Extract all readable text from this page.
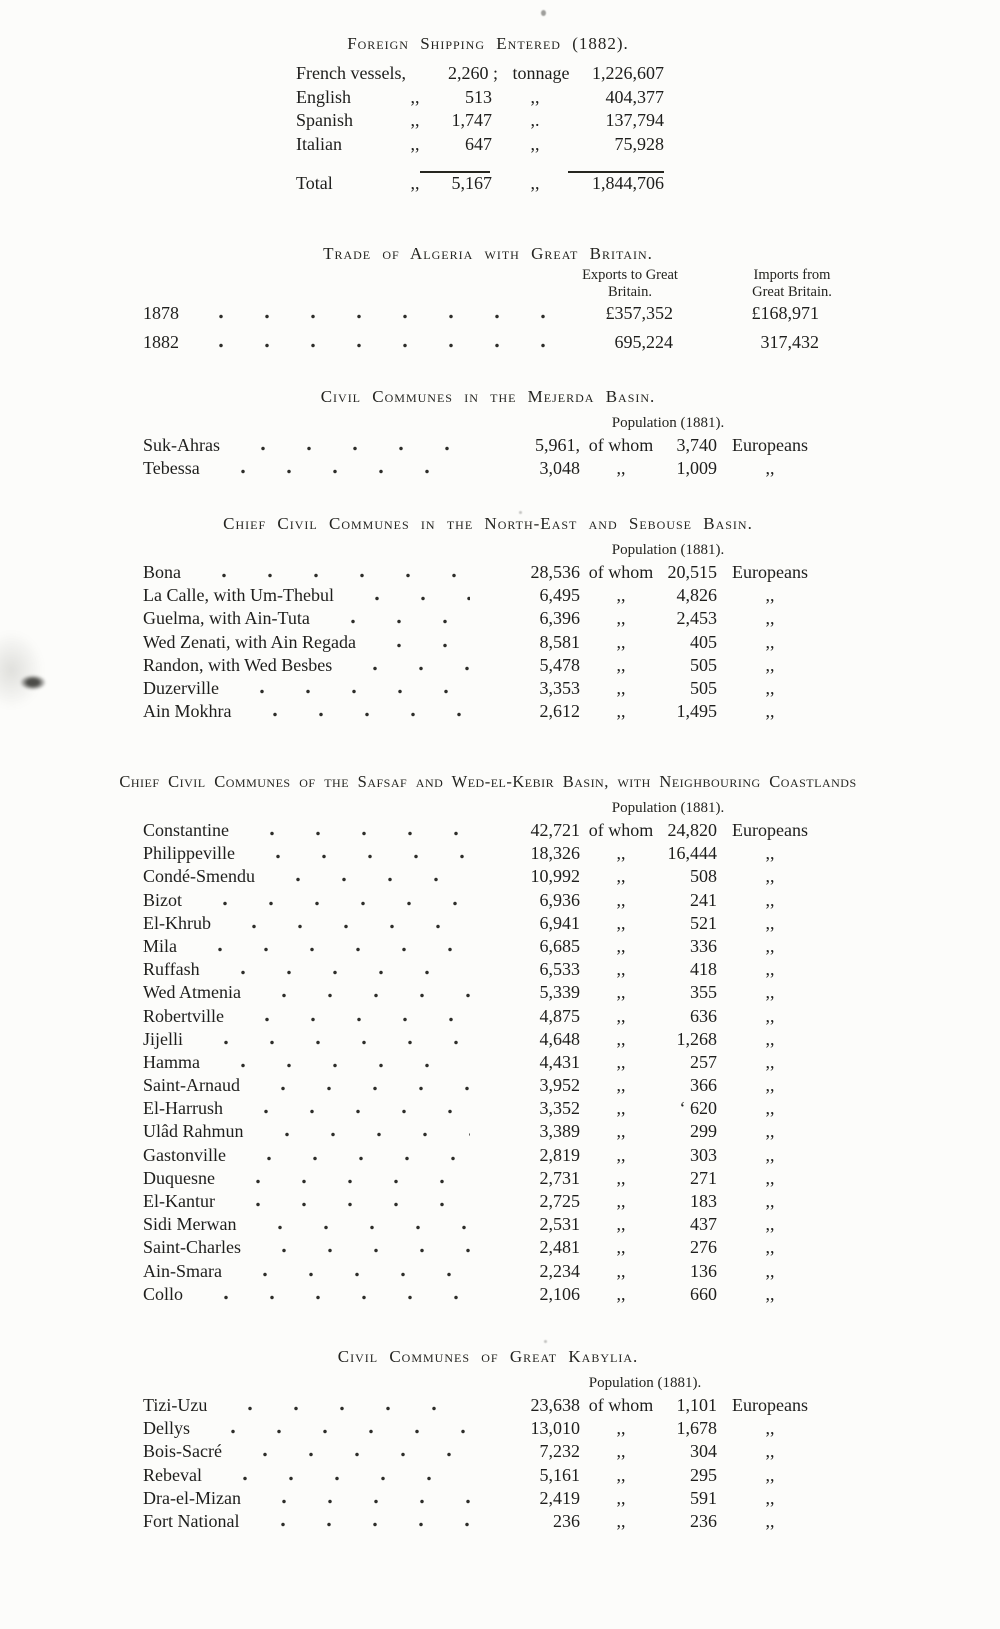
Foreign Shipping Entered (1882).
French vessels,	2,260 ; tonnage	1,226,607
English	,,	513	,,	404,377
Spanish	,,	1,747	,.	137,794
Italian	,,	647	,,	75,928
Total	,,	5,167	,,	1,844,706
Trade of Algeria with Great Britain.
Exports to Great
Britain.
Imports from
Great Britain.
1878	£357,352	£168,971
1882	695,224	317,432
Civil Communes in the Mejerda Basin.
Population (1881).
Suk-Ahras	5,961, of whom	3,740 Europeans
Tebessa	3,048	,,	1,009	,,
Chief Civil Communes in the North-East and Sebouse Basin.
Population (1881).
Bona	28,536 of whom 20,515 Europeans
La Calle, with Um-Thebul	6,495	,,	4,826	,,
Guelma, with Ain-Tuta	6,396	,,	2,453	,,
Wed Zenati, with Ain Regada	8,581	,,	405	,,
Randon, with Wed Besbes	5,478	,,	505	,,
Duzerville	3,353	,,	505	,,
Ain Mokhra	2,612	,,	1,495	,,
Chief Civil Communes of the Safsaf and Wed-el-Kebir Basin, with Neighbouring Coastlands
Population (1881).
Constantine	42,721 of whom 24,820 Europeans
Philippeville	18,326	,,	16,444	,,
Condé-Smendu	10,992	,,	508	,,
Bizot	6,936	,,	241	,,
El-Khrub	6,941	,,	521	,,
Mila	6,685	,,	336	,,
Ruffash	6,533	,,	418	,,
Wed Atmenia	5,339	,,	355	,,
Robertville	4,875	,,	636	,,
Jijelli	4,648	,,	1,268	,,
Hamma	4,431	,,	257	,,
Saint-Arnaud	3,952	,,	366	,,
El-Harrush	3,352	,,	‘ 620	,,
Ulâd Rahmun	3,389	,,	299	,,
Gastonville	2,819	,,	303	,,
Duquesne	2,731	,,	271	,,
El-Kantur	2,725	,,	183	,,
Sidi Merwan	2,531	,,	437	,,
Saint-Charles	2,481	,,	276	,,
Ain-Smara	2,234	,,	136	,,
Collo	2,106	,,	660	,,
Civil Communes of Great Kabylia.
Population (1881).
Tizi-Uzu	23,638 of whom	1,101 Europeans
Dellys	13,010	,,	1,678	,,
Bois-Sacré	7,232	,,	304	,,
Rebeval	5,161	,,	295	,,
Dra-el-Mizan	2,419	,,	591	,,
Fort National	236	,,	236	,,
